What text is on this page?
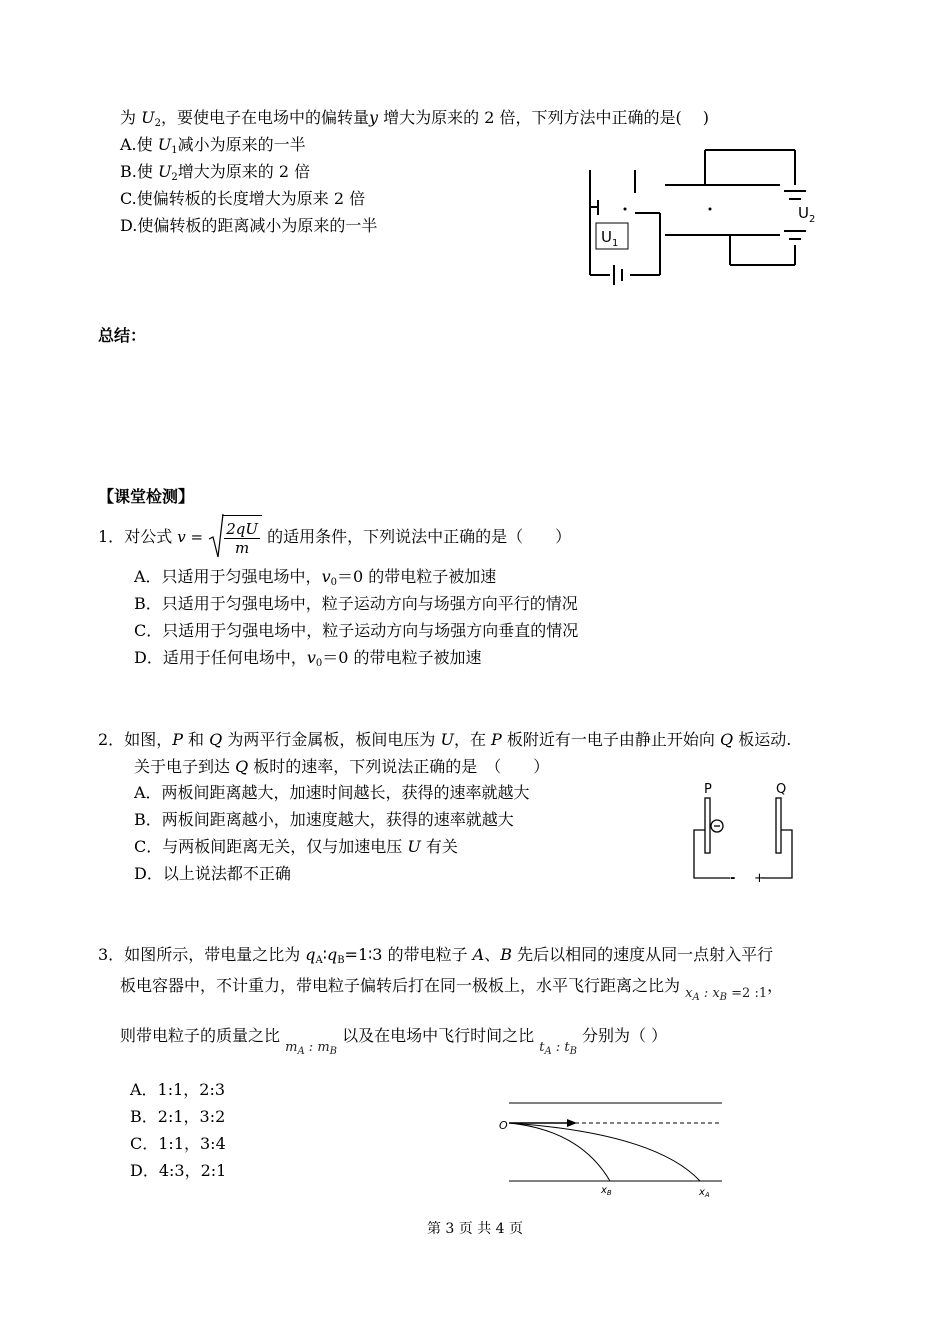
为 $U_2$，要使电子在电场中的偏转量y 增大为原来的 2 倍，下列方法中正确的是(　 )
A.使 $U_1$减小为原来的一半
B.使 $U_2$增大为原来的 2 倍
C.使偏转板的长度增大为原来 2 倍
D.使偏转板的距离减小为原来的一半
$U_1$
$U_2$
总结：
【课堂检测】
1．对公式 $v = \frac{2qU}{m}$ 的适用条件，下列说法中正确的是（　　）
A．只适用于匀强电场中，$v_0=0$ 的带电粒子被加速
B．只适用于匀强电场中，粒子运动方向与场强方向平行的情况
C．只适用于匀强电场中，粒子运动方向与场强方向垂直的情况
D．适用于任何电场中，$v_0=0$ 的带电粒子被加速
2．如图，P 和 Q 为两平行金属板，板间电压为 U，在 P 板附近有一电子由静止开始向 Q 板运动.
关于电子到达 Q 板时的速率，下列说法正确的是　（　　）
A．两板间距离越大，加速时间越长，获得的速率就越大
B．两板间距离越小，加速度越大，获得的速率就越大
C．与两板间距离无关，仅与加速电压 U 有关
D．以上说法都不正确
P	Q
- +
3．如图所示，带电量之比为 $q_A∶q_B=1∶3$ 的带电粒子 A、B 先后以相同的速度从同一点射入平行
板电容器中，不计重力，带电粒子偏转后打在同一极板上，水平飞行距离之比为 $_{x_A : x_B =2 :1}$，
则带电粒子的质量之比 $_{m_A : m_B}$ 以及在电场中飞行时间之比 $_{t_A : t_B}$ 分别为（ ）
A．1:1，2:3
B．2:1，3:2
C．1:1，3:4
D．4:3，2:1
O
$x_B$	$x_A$
第 3 页 共 4 页
